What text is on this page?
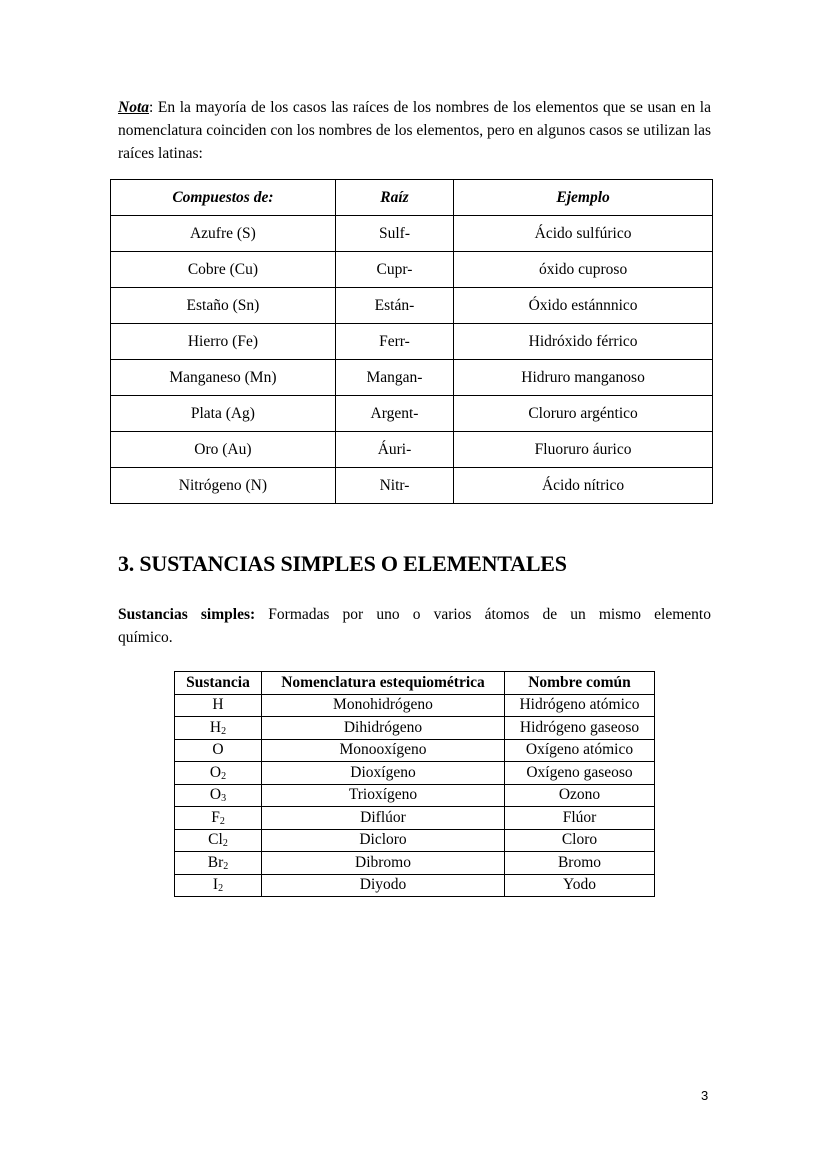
Nota: En la mayoría de los casos las raíces de los nombres de los elementos que se usan en la nomenclatura coinciden con los nombres de los elementos, pero en algunos casos se utilizan las raíces latinas:

Compuestos de:	Raíz	Ejemplo
Azufre (S)	Sulf-	Ácido sulfúrico
Cobre (Cu)	Cupr-	óxido cuproso
Estaño (Sn)	Están-	Óxido estánnnico
Hierro (Fe)	Ferr-	Hidróxido férrico
Manganeso (Mn)	Mangan-	Hidruro manganoso
Plata (Ag)	Argent-	Cloruro argéntico
Oro (Au)	Áuri-	Fluoruro áurico
Nitrógeno (N)	Nitr-	Ácido nítrico
3. SUSTANCIAS SIMPLES O ELEMENTALES

Sustancias simples: Formadas por uno o varios átomos de un mismo elemento
químico.

Sustancia	Nomenclatura estequiométrica	Nombre común
H	Monohidrógeno	Hidrógeno atómico
$H_2$	Dihidrógeno	Hidrógeno gaseoso
O	Monooxígeno	Oxígeno atómico
$O_2$	Dioxígeno	Oxígeno gaseoso
$O_3$	Trioxígeno	Ozono
$F_2$	Diflúor	Flúor
$Cl_2$	Dicloro	Cloro
$Br_2$	Dibromo	Bromo
$I_2$	Diyodo	Yodo
3
